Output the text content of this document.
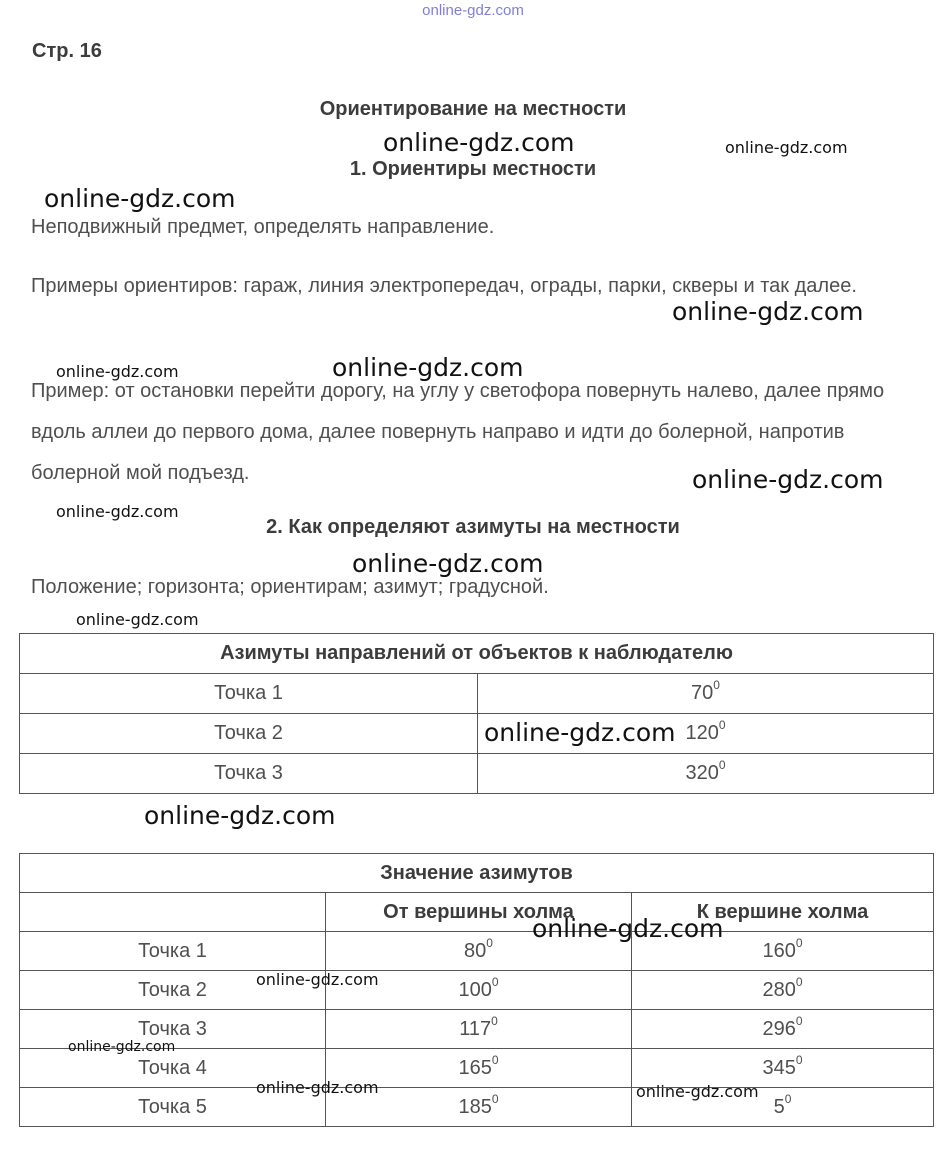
online-gdz.com
Стр. 16
Ориентирование на местности
1. Ориентиры местности

Неподвижный предмет, определять направление.

Примеры ориентиров: гараж, линия электропередач, ограды, парки, скверы и так далее.

Пример: от остановки перейти дорогу, на углу у светофора повернуть налево, далее прямо вдоль аллеи до первого дома, далее повернуть направо и идти до болерной, напротив болерной мой подъезд.

2. Как определяют азимуты на местности

Положение; горизонта; ориентирам; азимут; градусной.

Азимуты направлений от объектов к наблюдателю	
Точка 1	$70^0$
Точка 2	$120^0$
Точка 3	$320^0$
Значение азимутов		
	От вершины холма	К вершине холма
Точка 1	$80^0$	$160^0$
Точка 2	$100^0$	$280^0$
Точка 3	$117^0$	$296^0$
Точка 4	$165^0$	$345^0$
Точка 5	$185^0$	$5^0$
online-gdz.com	online-gdz.com
online-gdz.com
online-gdz.com
online-gdz.com	online-gdz.com
online-gdz.com
online-gdz.com
online-gdz.com
online-gdz.com
online-gdz.com
online-gdz.com
online-gdz.com
online-gdz.com
online-gdz.com
online-gdz.com	online-gdz.com
